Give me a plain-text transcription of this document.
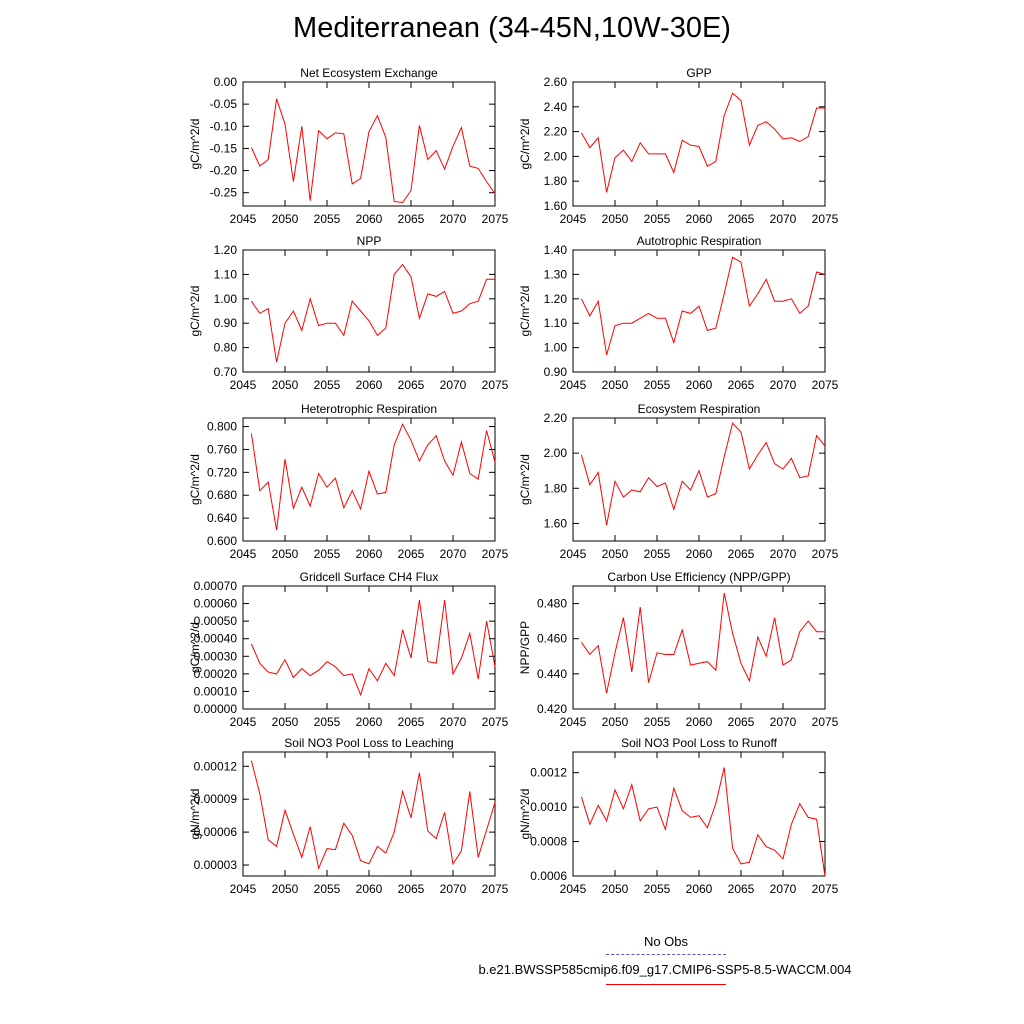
Mediterranean (34-45N,10W-30E)
Net Ecosystem Exchange
gC/m^2/d
0.00
-0.05
-0.10
-0.15
-0.20
-0.25
2045 2050 2055 2060 2065 2070 2075
GPP
gC/m^2/d
1.60
1.80
2.00
2.20
2.40
2.60
2045 2050 2055 2060 2065 2070 2075
NPP
gC/m^2/d
0.70
0.80
0.90
1.00
1.10
1.20
2045 2050 2055 2060 2065 2070 2075
Autotrophic Respiration
gC/m^2/d
0.90
1.00
1.10
1.20
1.30
1.40
2045 2050 2055 2060 2065 2070 2075
Heterotrophic Respiration
gC/m^2/d
0.600
0.640
0.680
0.720
0.760
0.800
2045 2050 2055 2060 2065 2070 2075
Ecosystem Respiration
gC/m^2/d
1.60
1.80
2.00
2.20
2045 2050 2055 2060 2065 2070 2075
Gridcell Surface CH4 Flux
gC/m^2/d
0.00000
0.00010
0.00020
0.00030
0.00040
0.00050
0.00060
0.00070
2045 2050 2055 2060 2065 2070 2075
Carbon Use Efficiency (NPP/GPP)
NPP/GPP
0.420
0.440
0.460
0.480
2045 2050 2055 2060 2065 2070 2075
Soil NO3 Pool Loss to Leaching
gN/m^2/d
0.00003
0.00006
0.00009
0.00012
2045 2050 2055 2060 2065 2070 2075
Soil NO3 Pool Loss to Runoff
gN/m^2/d
0.0006
0.0008
0.0010
0.0012
2045 2050 2055 2060 2065 2070 2075
No Obs
b.e21.BWSSP585cmip6.f09_g17.CMIP6-SSP5-8.5-WACCM.004
